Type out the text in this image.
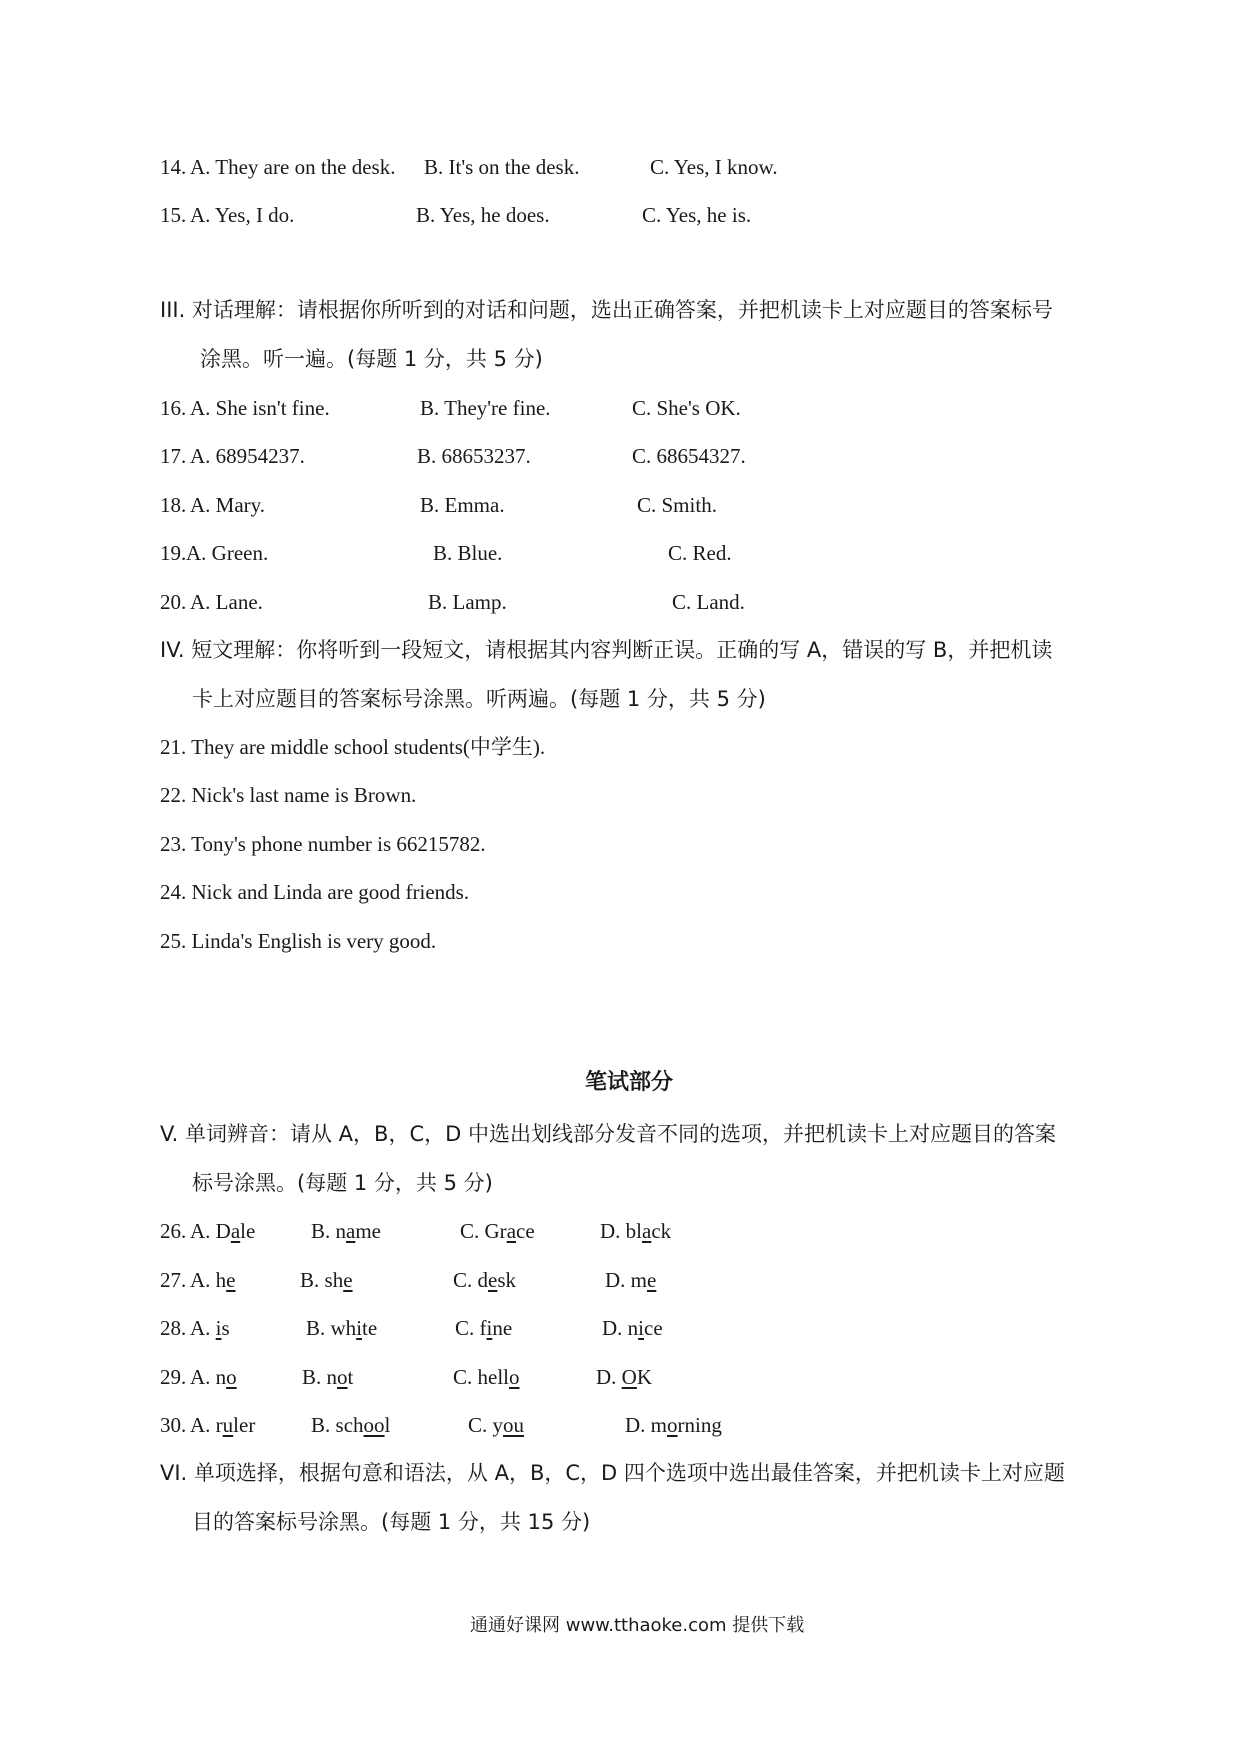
14. A. They are on the desk. B. It's on the desk.	C. Yes, I know.
15. A. Yes, I do.	B. Yes, he does.	C. Yes, he is.
III. 对话理解：请根据你所听到的对话和问题，选出正确答案，并把机读卡上对应题目的答案标号
涂黑。听一遍。(每题 1 分，共 5 分)
16. A. She isn't fine.	B. They're fine.	C. She's OK.
17. A. 68954237.	B. 68653237.	C. 68654327.
18. A. Mary.	B. Emma.	C. Smith.
19. A. Green.	B. Blue.	C. Red.
20. A. Lane.	B. Lamp.	C. Land.
IV. 短文理解：你将听到一段短文，请根据其内容判断正误。正确的写 A，错误的写 B，并把机读
卡上对应题目的答案标号涂黑。听两遍。(每题 1 分，共 5 分)
21. They are middle school students(中学生).
22. Nick's last name is Brown.
23. Tony's phone number is 66215782.
24. Nick and Linda are good friends.
25. Linda's English is very good.
笔试部分
V. 单词辨音：请从 A，B，C，D 中选出划线部分发音不同的选项，并把机读卡上对应题目的答案
标号涂黑。(每题 1 分，共 5 分)
26. A. Dale	B. name	C. Grace	D. black
27. A. he	B. she	C. desk	D. me
28. A. is	B. white	C. fine	D. nice
29. A. no	B. not	C. hello	D. OK
30. A. ruler	B. school	C. you	D. morning
VI. 单项选择，根据句意和语法，从 A，B，C，D 四个选项中选出最佳答案，并把机读卡上对应题
目的答案标号涂黑。(每题 1 分，共 15 分)
通通好课网 www.tthaoke.com 提供下载
